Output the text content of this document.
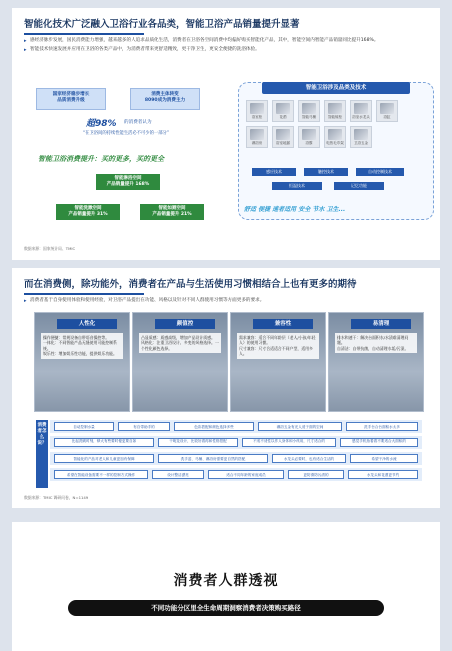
智能化技术广泛融入卫浴行业各品类，智能卫浴产品销量提升显著
▸ 感经济脉步发展，国民消费能力增强，越来越多的人追求品质化生活，消费者在卫浴各空间消费中均偏好购买智能化产品，其中，智能空间内智能产品销量同比提升168%。
▸ 智能技术快速发展并应用在卫浴的各类产品中，为消费者带来更舒适精致，更干净卫生，更安全便捷的洗浴体验。
国家经济稳步增长
品质消费升级
消费主体转变
8090成为消费主力
超98% 的消费者认为
“在卫浴间的持续性能生活必不可少的一部分”
智能卫浴消费提升：买的更多，买的更全
智能淋浴空间
产品销量提升 168%
智能洗漱空间
产品销量提升 31%
智能如厕空间
产品销量提升 21%
智能卫浴涉及品类及技术
浴室柜	花洒	智能马桶	智能镜柜	浴室水龙头	浴缸
淋浴房	浴室地漏	浴霸	电热毛巾架	卫浴五金
感应技术	触控技术	自动控制技术
恒温技术	记忆功能
舒适 便捷 速者适用 安全 节水 卫生...
数据来源：国家统计局、TMIC
而在消费侧，除功能外，消费者在产品与生活使用习惯相结合上也有更多的期待
▸ 消费者基于自身使用体验和使用经验，对卫浴产品提出在功能、风格以及针对不同人群使用习惯等方面更多的要求。
人性化
操作便捷：常规设备自带语音操控等。
一体化：不同智能产品无缝使用可能控制系统。
娱乐性：增加娱乐性功能，提供娱乐功能。
颜值控
凸显质感：质感高级，增加产品设计质感。
风格化：注重卫浴设计、多变的风格选择。一个性化颜色选择。
兼容性
需求兼容：适合不同年龄层（老人/小孩/年轻人）的使用习惯。
尺寸兼容：尺寸合适适合不同户型，适用多人。
易清理
排水和速干：解决台面积水/水渍难清理问题。
自清洁：自带抗菌，自动清理水垢/污渍。
消费者怎么说？
自动控制水量	有自带助手的	色彩搭配和颜色选择多些	淋浴五金有光人适于面的空间	洗手台合台面积水太多
比起洗刷时刻，够大有些要时便更要自如	干呢花设计，比较好看再和性格搭配	不适不适性以作人身体和小孩用，尺寸适合的	感觉手机抬着看不要适合大面积的
智能化的产品对老人和儿童更加有保障	洗手盆、马桶、淋浴房需要更自然的搭配	水龙头必要时，也有适合生活的	希望干净的水流
希望在智能设备需要不一样的控制方式操作	设计整洁漂亮	适合不同年龄的家庭成员	更防滑防污渍的	水龙头和花洒更节约
数据来源：TMIC 调研问卷，N=1149
消费者人群透视
不同功能分区里全生命周期洞察消费者决策购买路径
